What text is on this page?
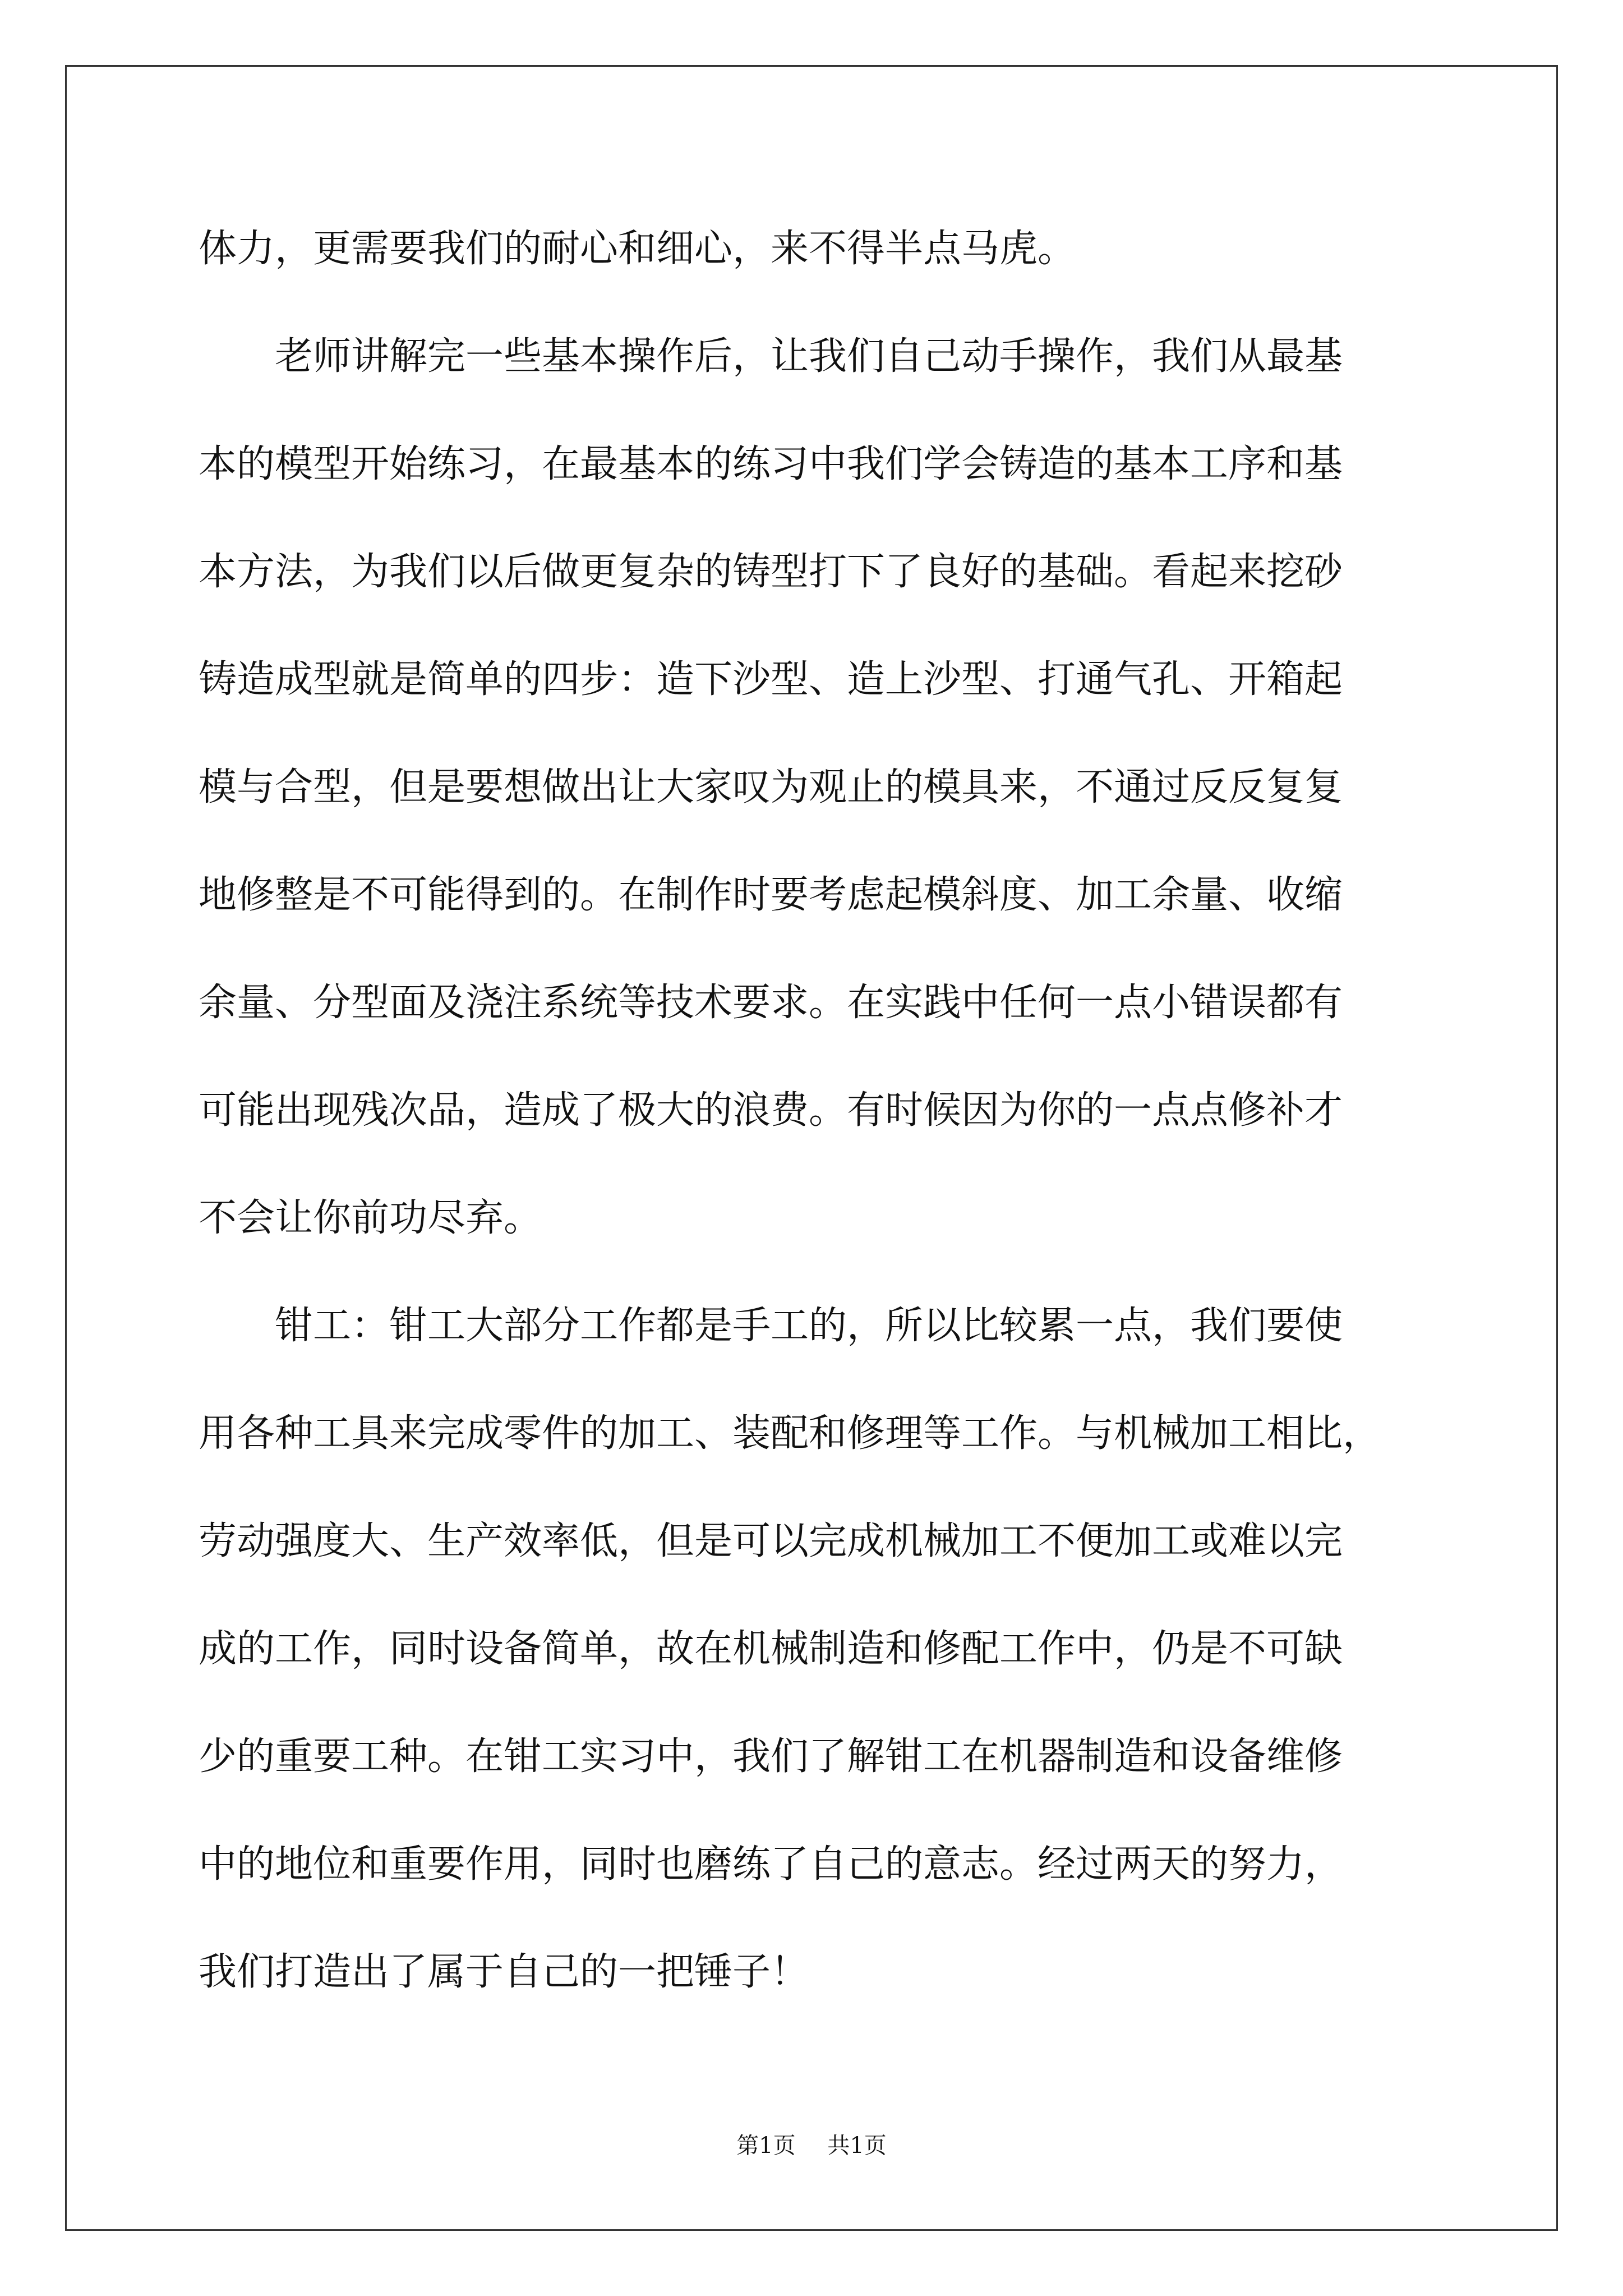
体力，更需要我们的耐心和细心，来不得半点马虎。
　　老师讲解完一些基本操作后，让我们自己动手操作，我们从最基
本的模型开始练习，在最基本的练习中我们学会铸造的基本工序和基
本方法，为我们以后做更复杂的铸型打下了良好的基础。看起来挖砂
铸造成型就是简单的四步：造下沙型、造上沙型、打通气孔、开箱起
模与合型，但是要想做出让大家叹为观止的模具来，不通过反反复复
地修整是不可能得到的。在制作时要考虑起模斜度、加工余量、收缩
余量、分型面及浇注系统等技术要求。在实践中任何一点小错误都有
可能出现残次品，造成了极大的浪费。有时候因为你的一点点修补才
不会让你前功尽弃。
　　钳工：钳工大部分工作都是手工的，所以比较累一点，我们要使
用各种工具来完成零件的加工、装配和修理等工作。与机械加工相比，
劳动强度大、生产效率低，但是可以完成机械加工不便加工或难以完
成的工作，同时设备简单，故在机械制造和修配工作中，仍是不可缺
少的重要工种。在钳工实习中，我们了解钳工在机器制造和设备维修
中的地位和重要作用，同时也磨练了自己的意志。经过两天的努力，
我们打造出了属于自己的一把锤子！
第1页 共1页
